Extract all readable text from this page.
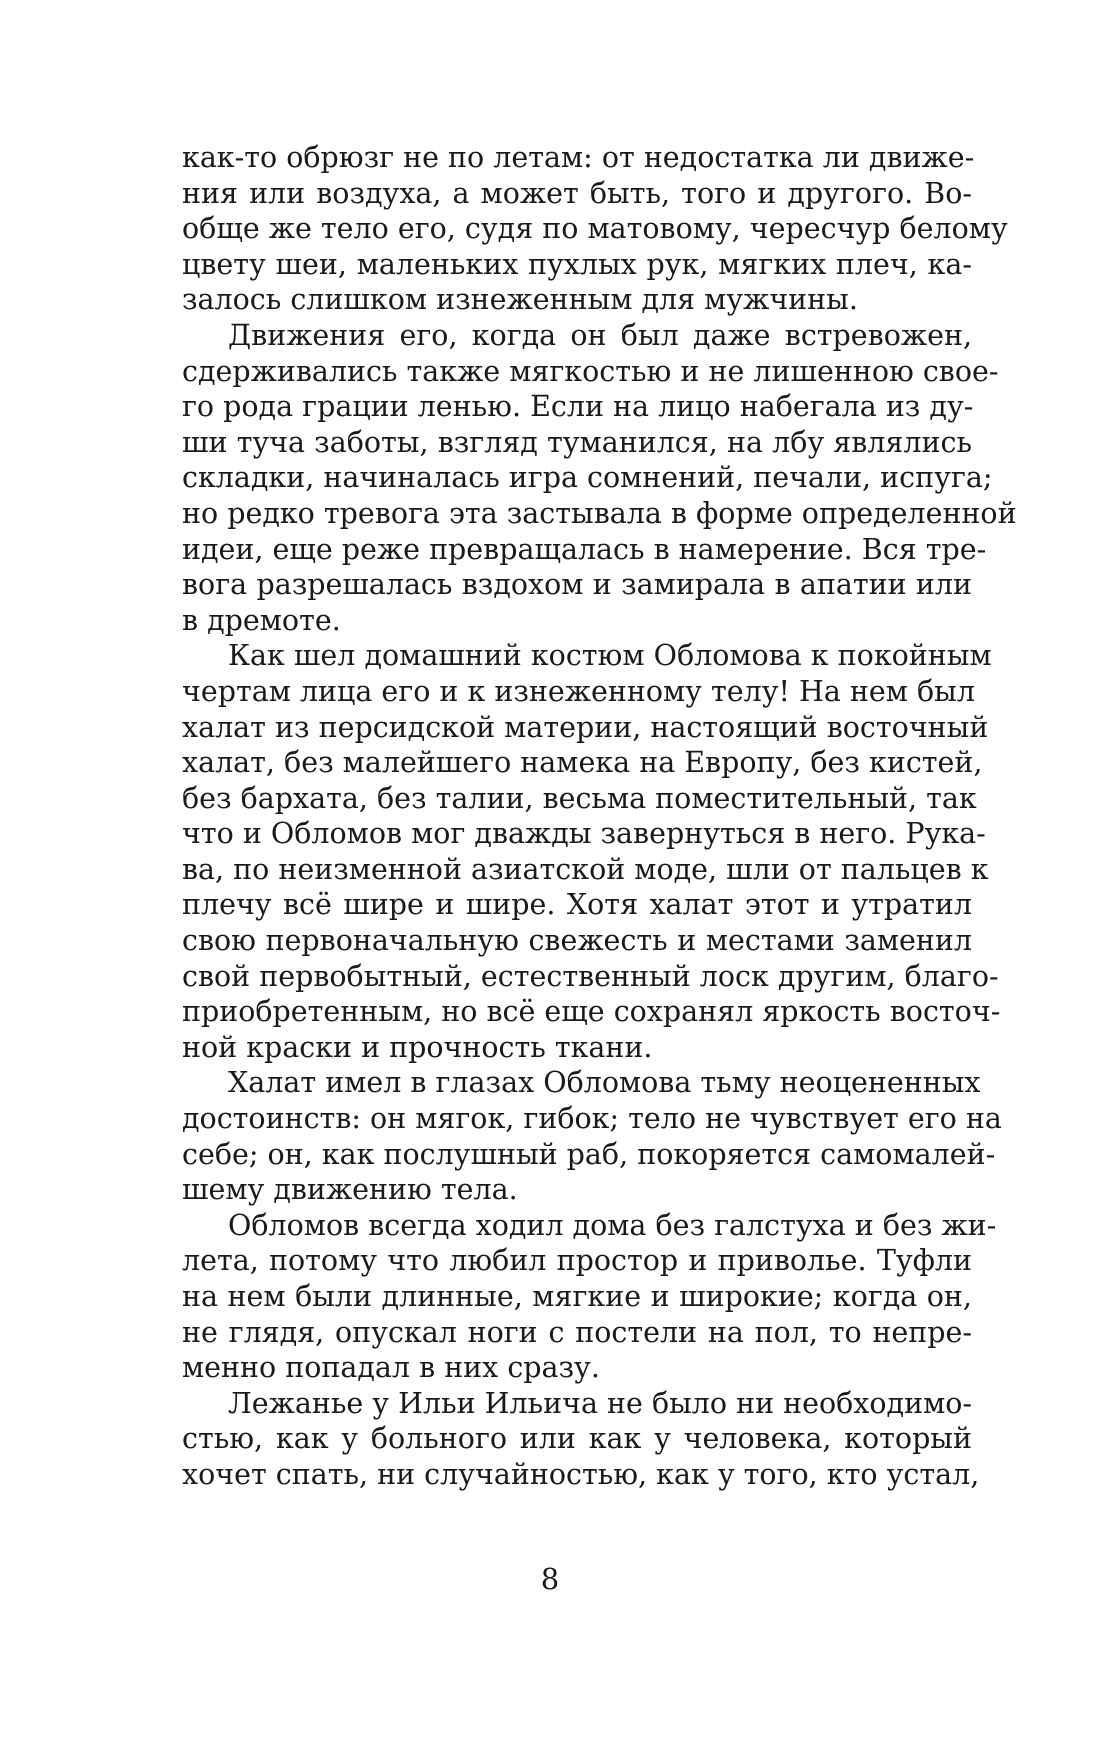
как-то обрюзг не по летам: от недостатка ли движе-
ния или воздуха, а может быть, того и другого. Во-
обще же тело его, судя по матовому, чересчур белому
цвету шеи, маленьких пухлых рук, мягких плеч, ка-
залось слишком изнеженным для мужчины.
Движения его, когда он был даже встревожен,
сдерживались также мягкостью и не лишенною свое-
го рода грации ленью. Если на лицо набегала из ду-
ши туча заботы, взгляд туманился, на лбу являлись
складки, начиналась игра сомнений, печали, испуга;
но редко тревога эта застывала в форме определенной
идеи, еще реже превращалась в намерение. Вся тре-
вога разрешалась вздохом и замирала в апатии или
в дремоте.
Как шел домашний костюм Обломова к покойным
чертам лица его и к изнеженному телу! На нем был
халат из персидской материи, настоящий восточный
халат, без малейшего намека на Европу, без кистей,
без бархата, без талии, весьма поместительный, так
что и Обломов мог дважды завернуться в него. Рука-
ва, по неизменной азиатской моде, шли от пальцев к
плечу всё шире и шире. Хотя халат этот и утратил
свою первоначальную свежесть и местами заменил
свой первобытный, естественный лоск другим, благо-
приобретенным, но всё еще сохранял яркость восточ-
ной краски и прочность ткани.
Халат имел в глазах Обломова тьму неоцененных
достоинств: он мягок, гибок; тело не чувствует его на
себе; он, как послушный раб, покоряется самомалей-
шему движению тела.
Обломов всегда ходил дома без галстуха и без жи-
лета, потому что любил простор и приволье. Туфли
на нем были длинные, мягкие и широкие; когда он,
не глядя, опускал ноги с постели на пол, то непре-
менно попадал в них сразу.
Лежанье у Ильи Ильича не было ни необходимо-
стью, как у больного или как у человека, который
хочет спать, ни случайностью, как у того, кто устал,
8
